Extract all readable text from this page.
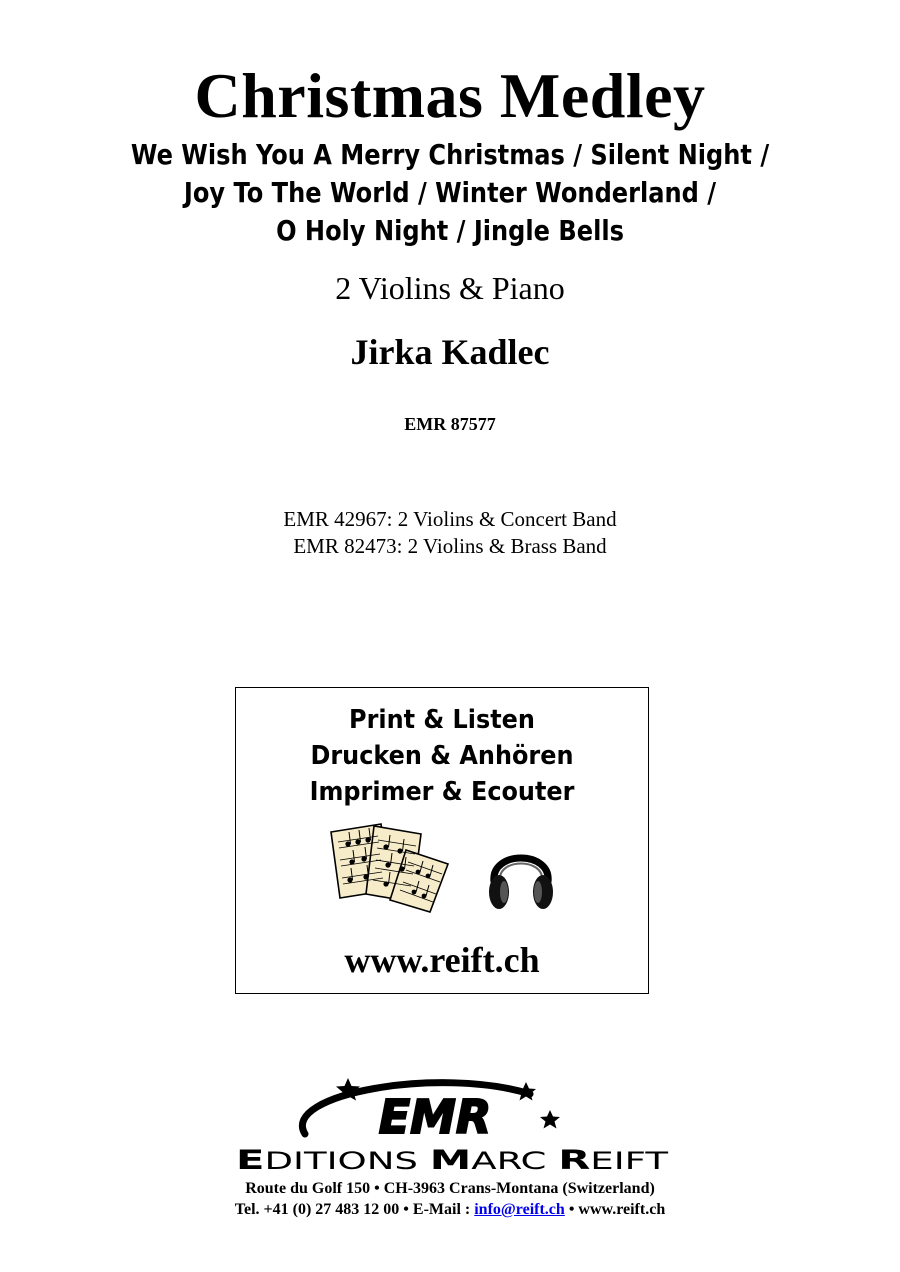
Christmas Medley
We Wish You A Merry Christmas / Silent Night /
Joy To The World / Winter Wonderland /
O Holy Night / Jingle Bells
2 Violins & Piano
Jirka Kadlec
EMR 87577
EMR 42967: 2 Violins & Concert Band
EMR 82473: 2 Violins & Brass Band
Print & Listen
Drucken & Anhören
Imprimer & Ecouter
www.reift.ch
EMR
E DITIONS M ARC R EIFT
Route du Golf 150 • CH-3963 Crans-Montana (Switzerland)
Tel. +41 (0) 27 483 12 00 • E-Mail : info@reift.ch • www.reift.ch
